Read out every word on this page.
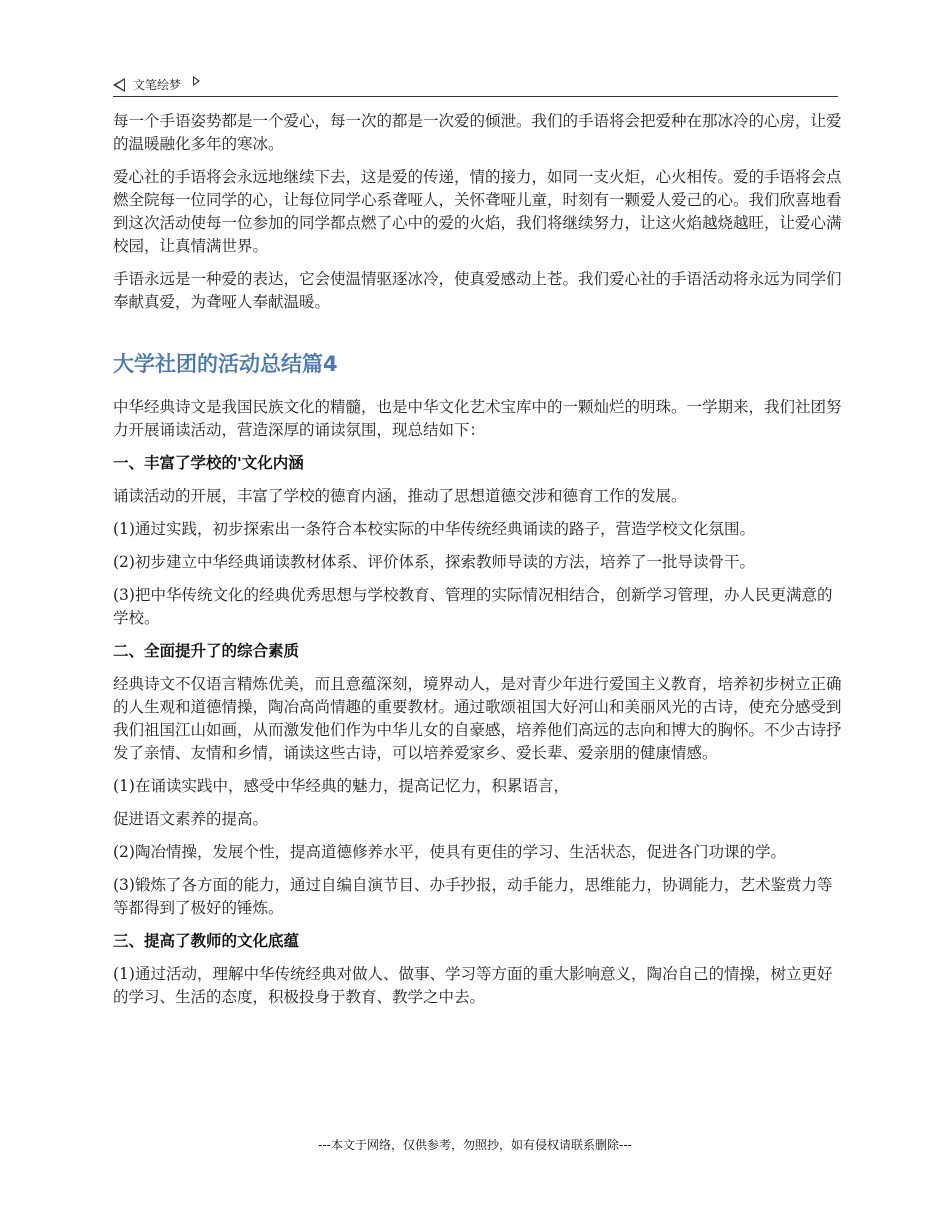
文笔绘梦

每一个手语姿势都是一个爱心，每一次的都是一次爱的倾泄。我们的手语将会把爱种在那冰冷的心房，让爱的温暖融化多年的寒冰。

爱心社的手语将会永远地继续下去，这是爱的传递，情的接力，如同一支火炬，心火相传。爱的手语将会点燃全院每一位同学的心，让每位同学心系聋哑人，关怀聋哑儿童，时刻有一颗爱人爱己的心。我们欣喜地看到这次活动使每一位参加的同学都点燃了心中的爱的火焰，我们将继续努力，让这火焰越烧越旺，让爱心满校园，让真情满世界。

手语永远是一种爱的表达，它会使温情驱逐冰冷，使真爱感动上苍。我们爱心社的手语活动将永远为同学们奉献真爱，为聋哑人奉献温暖。

大学社团的活动总结篇4

中华经典诗文是我国民族文化的精髓，也是中华文化艺术宝库中的一颗灿烂的明珠。一学期来，我们社团努力开展诵读活动，营造深厚的诵读氛围，现总结如下：

一、丰富了学校的'文化内涵

诵读活动的开展，丰富了学校的德育内涵，推动了思想道德交涉和德育工作的发展。

(1)通过实践，初步探索出一条符合本校实际的中华传统经典诵读的路子，营造学校文化氛围。

(2)初步建立中华经典诵读教材体系、评价体系，探索教师导读的方法，培养了一批导读骨干。

(3)把中华传统文化的经典优秀思想与学校教育、管理的实际情况相结合，创新学习管理，办人民更满意的学校。

二、全面提升了的综合素质

经典诗文不仅语言精炼优美，而且意蕴深刻，境界动人，是对青少年进行爱国主义教育，培养初步树立正确的人生观和道德情操，陶冶高尚情趣的重要教材。通过歌颂祖国大好河山和美丽风光的古诗，使充分感受到我们祖国江山如画，从而激发他们作为中华儿女的自豪感，培养他们高远的志向和博大的胸怀。不少古诗抒发了亲情、友情和乡情，诵读这些古诗，可以培养爱家乡、爱长辈、爱亲朋的健康情感。

(1)在诵读实践中，感受中华经典的魅力，提高记忆力，积累语言，

促进语文素养的提高。

(2)陶冶情操，发展个性，提高道德修养水平，使具有更佳的学习、生活状态，促进各门功课的学。

(3)锻炼了各方面的能力，通过自编自演节目、办手抄报，动手能力，思维能力，协调能力，艺术鉴赏力等等都得到了极好的锤炼。

三、提高了教师的文化底蕴

(1)通过活动，理解中华传统经典对做人、做事、学习等方面的重大影响意义，陶冶自己的情操，树立更好的学习、生活的态度，积极投身于教育、教学之中去。

---本文于网络，仅供参考，勿照抄，如有侵权请联系删除---
